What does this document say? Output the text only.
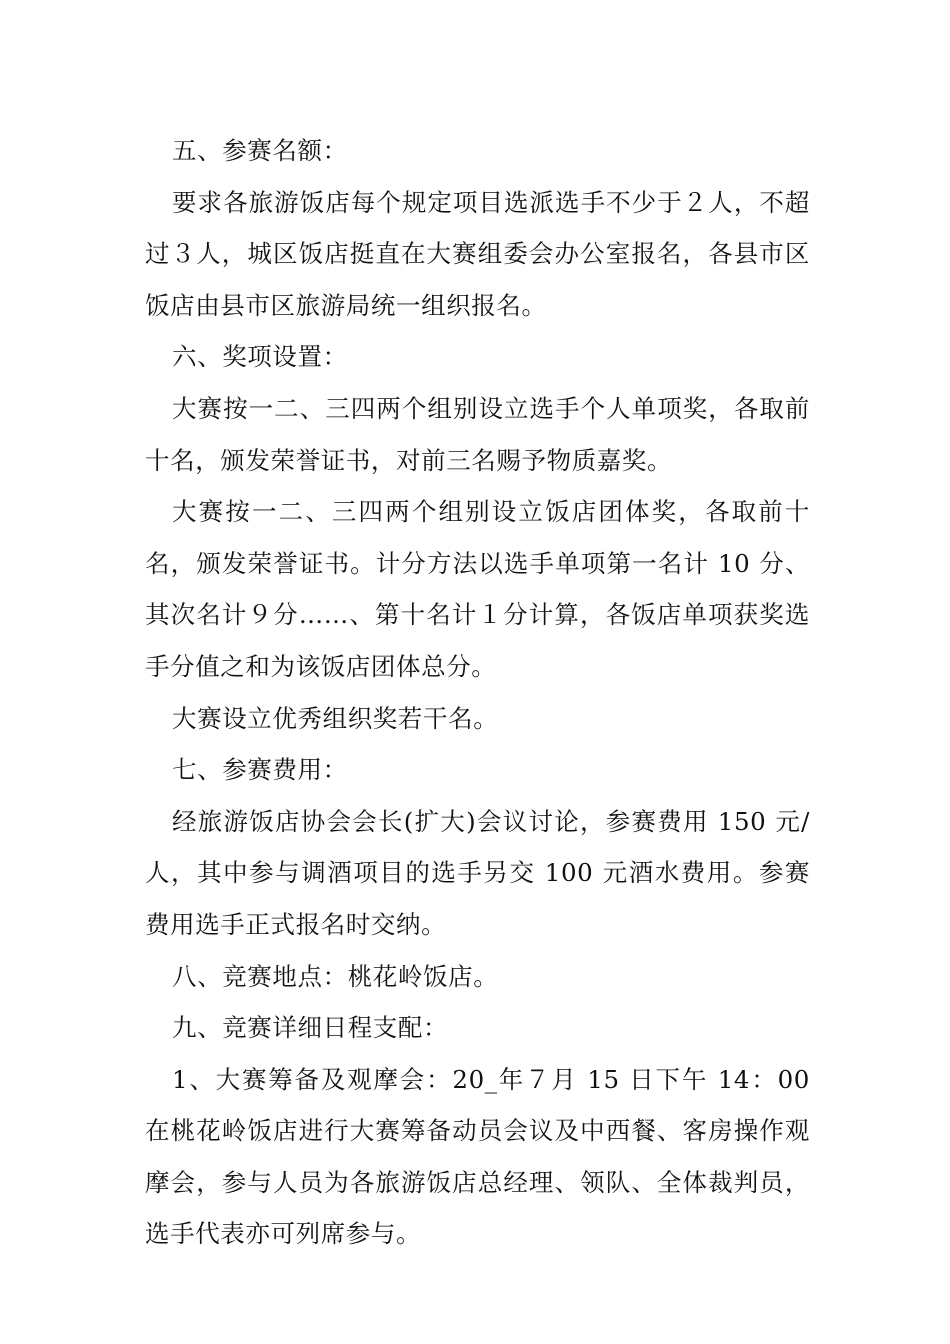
五、参赛名额：

要求各旅游饭店每个规定项目选派选手不少于２人，不超过３人，城区饭店挺直在大赛组委会办公室报名，各县市区饭店由县市区旅游局统一组织报名。

六、奖项设置：

大赛按一二、三四两个组别设立选手个人单项奖，各取前十名，颁发荣誉证书，对前三名赐予物质嘉奖。

大赛按一二、三四两个组别设立饭店团体奖，各取前十名，颁发荣誉证书。计分方法以选手单项第一名计 10 分、其次名计９分……、第十名计１分计算，各饭店单项获奖选手分值之和为该饭店团体总分。

大赛设立优秀组织奖若干名。

七、参赛费用：

经旅游饭店协会会长(扩大)会议讨论，参赛费用 150 元/人，其中参与调酒项目的选手另交 100 元酒水费用。参赛费用选手正式报名时交纳。

八、竞赛地点：桃花岭饭店。

九、竞赛详细日程支配：

1、大赛筹备及观摩会：20_年７月 15 日下午 14：00 在桃花岭饭店进行大赛筹备动员会议及中西餐、客房操作观摩会，参与人员为各旅游饭店总经理、领队、全体裁判员，选手代表亦可列席参与。
